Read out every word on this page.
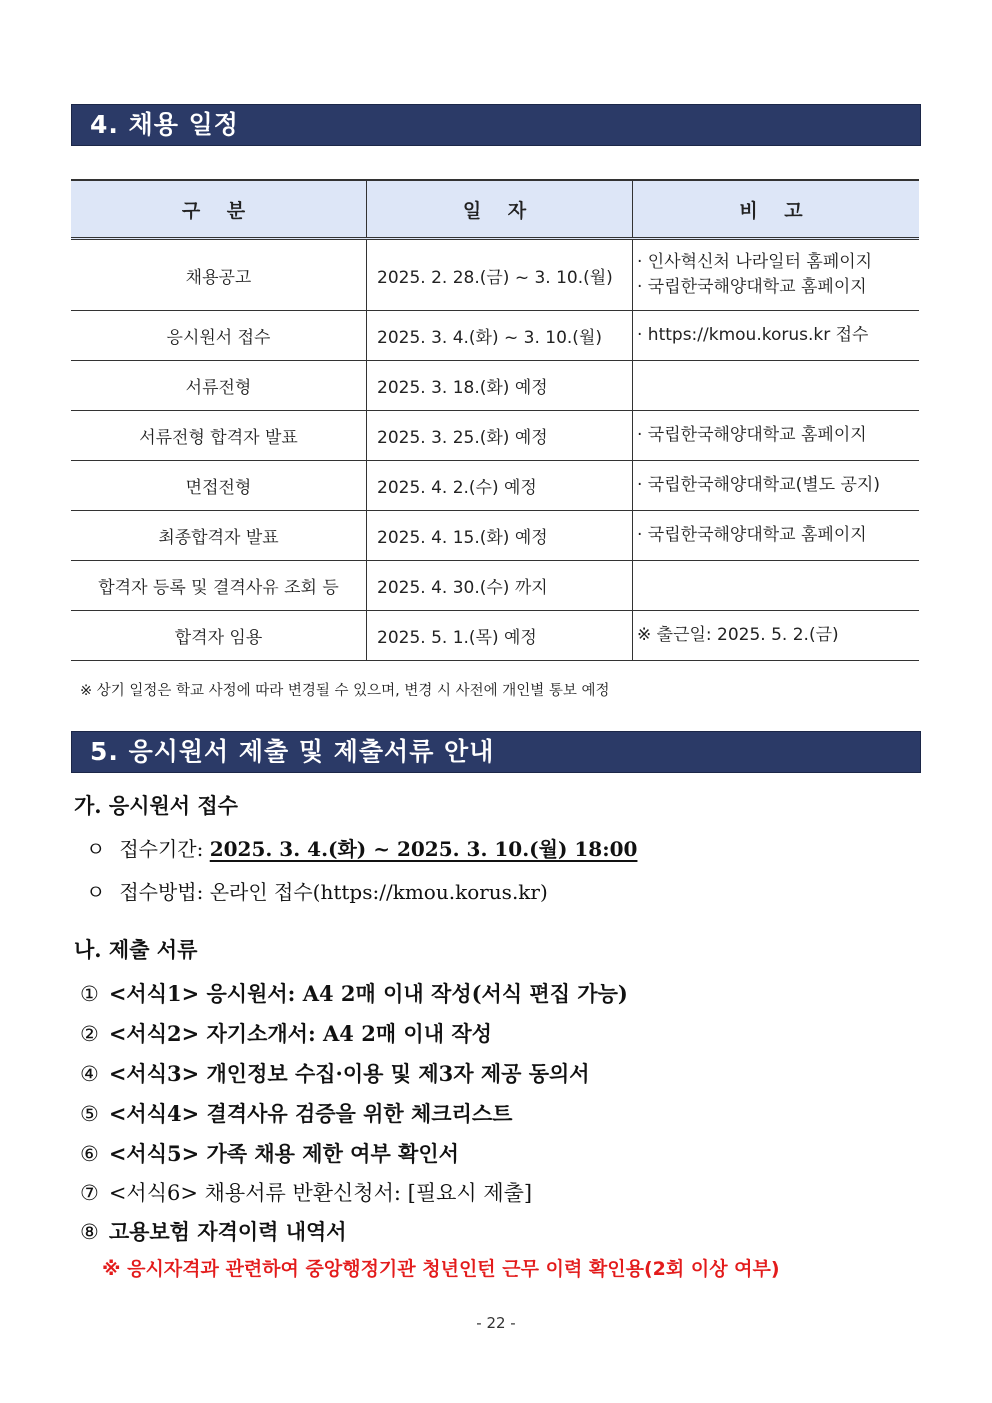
4. 채용 일정
구 분	일 자	비 고
채용공고	2025. 2. 28.(금) ~ 3. 10.(월)	· 인사혁신처 나라일터 홈페이지
· 국립한국해양대학교 홈페이지

응시원서 접수	2025. 3. 4.(화) ~ 3. 10.(월)	· https://kmou.korus.kr 접수

서류전형	2025. 3. 18.(화) 예정	
서류전형 합격자 발표	2025. 3. 25.(화) 예정	· 국립한국해양대학교 홈페이지

면접전형	2025. 4. 2.(수) 예정	· 국립한국해양대학교(별도 공지)

최종합격자 발표	2025. 4. 15.(화) 예정	· 국립한국해양대학교 홈페이지

합격자 등록 및 결격사유 조회 등	2025. 4. 30.(수) 까지	
합격자 임용	2025. 5. 1.(목) 예정	※ 출근일: 2025. 5. 2.(금)
※ 상기 일정은 학교 사정에 따라 변경될 수 있으며, 변경 시 사전에 개인별 통보 예정
5. 응시원서 제출 및 제출서류 안내
가. 응시원서 접수
ㅇ 접수기간: 2025. 3. 4.(화) ~ 2025. 3. 10.(월) 18:00
ㅇ 접수방법: 온라인 접수(https://kmou.korus.kr)
나. 제출 서류
① <서식1> 응시원서: A4 2매 이내 작성(서식 편집 가능)
② <서식2> 자기소개서: A4 2매 이내 작성
④ <서식3> 개인정보 수집·이용 및 제3자 제공 동의서
⑤ <서식4> 결격사유 검증을 위한 체크리스트
⑥ <서식5> 가족 채용 제한 여부 확인서
⑦ <서식6> 채용서류 반환신청서: [필요시 제출]
⑧ 고용보험 자격이력 내역서
※ 응시자격과 관련하여 중앙행정기관 청년인턴 근무 이력 확인용(2회 이상 여부)
- 22 -
